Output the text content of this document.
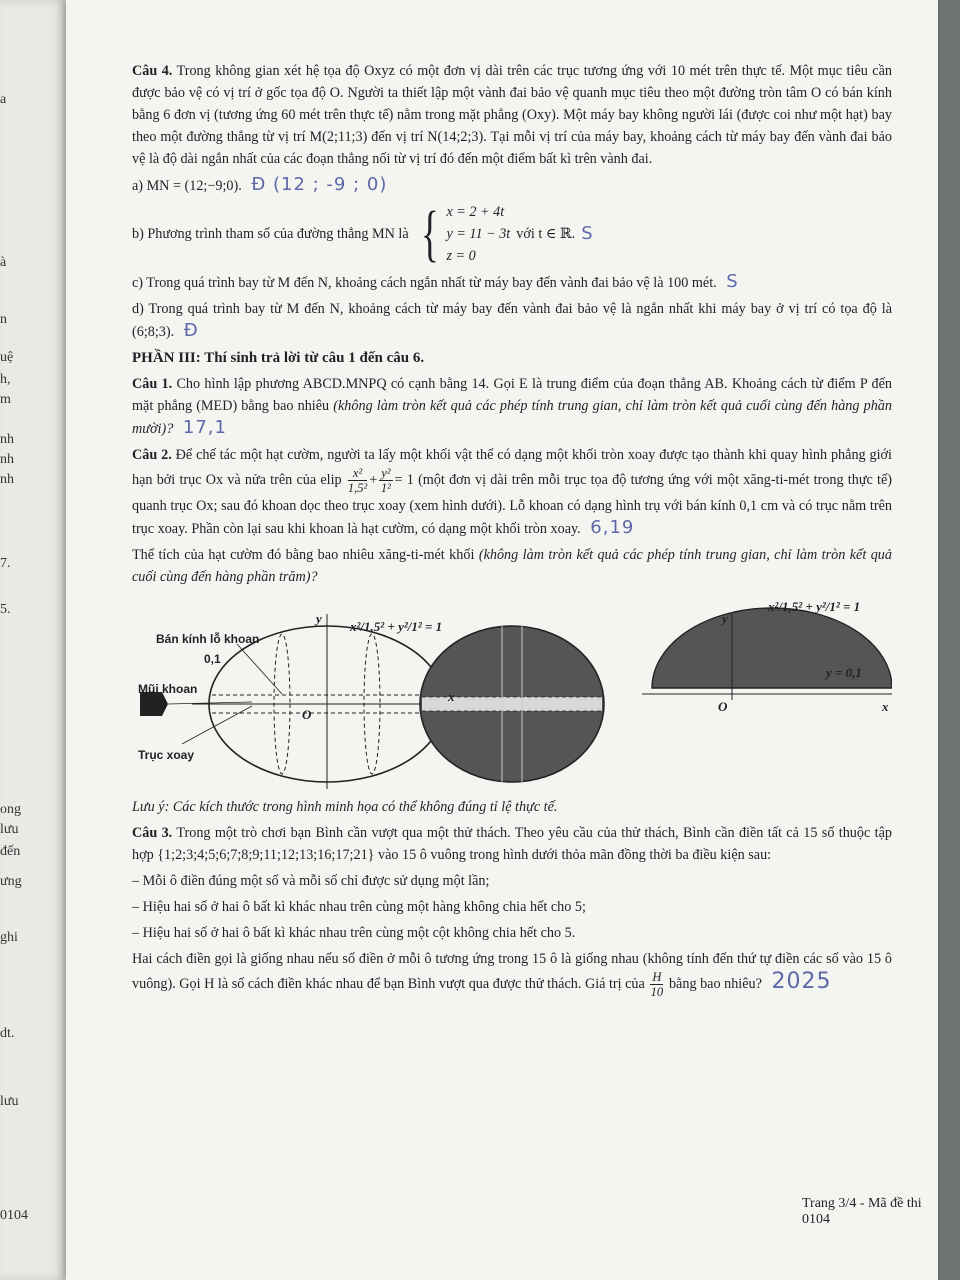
a
à
n
uệ
h,
m
nh
nh
nh
7.
5.
ong
lưu
đến
ưng
ghi
dt.
lưu
0104

Câu 4. Trong không gian xét hệ tọa độ Oxyz có một đơn vị dài trên các trục tương ứng với 10 mét trên thực tế. Một mục tiêu cần được bảo vệ có vị trí ở gốc tọa độ O. Người ta thiết lập một vành đai bảo vệ quanh mục tiêu theo một đường tròn tâm O có bán kính bằng 6 đơn vị (tương ứng 60 mét trên thực tế) nằm trong mặt phẳng (Oxy). Một máy bay không người lái (được coi như một hạt) bay theo một đường thẳng từ vị trí M(2;11;3) đến vị trí N(14;2;3). Tại mỗi vị trí của máy bay, khoảng cách từ máy bay đến vành đai bảo vệ là độ dài ngắn nhất của các đoạn thẳng nối từ vị trí đó đến một điểm bất kì trên vành đai.

a) MN = (12;−9;0). Đ (12 ; -9 ; 0)

b) Phương trình tham số của đường thẳng MN là { x = 2 + 4t
y = 11 − 3t
z = 0
với t ∈ ℝ. S

c) Trong quá trình bay từ M đến N, khoảng cách ngắn nhất từ máy bay đến vành đai bảo vệ là 100 mét. S

d) Trong quá trình bay từ M đến N, khoảng cách từ máy bay đến vành đai bảo vệ là ngắn nhất khi máy bay ở vị trí có tọa độ là (6;8;3). Đ

PHẦN III: Thí sinh trả lời từ câu 1 đến câu 6.

Câu 1. Cho hình lập phương ABCD.MNPQ có cạnh bằng 14. Gọi E là trung điểm của đoạn thẳng AB. Khoảng cách từ điểm P đến mặt phẳng (MED) bằng bao nhiêu (không làm tròn kết quả các phép tính trung gian, chỉ làm tròn kết quả cuối cùng đến hàng phần mười)? 17,1

Câu 2. Để chế tác một hạt cườm, người ta lấy một khối vật thể có dạng một khối tròn xoay được tạo thành khi quay hình phẳng giới hạn bởi trục Ox và nửa trên của elip $\frac{\text{x²}}{\text{1,5²}} + \frac{\text{y²}}{\text{1²}} = 1$ (một đơn vị dài trên mỗi trục tọa độ tương ứng với một xăng-ti-mét trong thực tế) quanh trục Ox; sau đó khoan dọc theo trục xoay (xem hình dưới). Lỗ khoan có dạng hình trụ với bán kính 0,1 cm và có trục nằm trên trục xoay. Phần còn lại sau khi khoan là hạt cườm, có dạng một khối tròn xoay. 6,19

Thể tích của hạt cườm đó bằng bao nhiêu xăng-ti-mét khối (không làm tròn kết quả các phép tính trung gian, chỉ làm tròn kết quả cuối cùng đến hàng phần trăm)?

Bán kính lỗ khoan
0,1
Mũi khoan
Trục xoay
x²/1,5² + y²/1² = 1
x²/1,5² + y²/1² = 1
y = 0,1
O
O
x
x
y	y

Lưu ý: Các kích thước trong hình minh họa có thể không đúng tỉ lệ thực tế.

Câu 3. Trong một trò chơi bạn Bình cần vượt qua một thử thách. Theo yêu cầu của thử thách, Bình cần điền tất cả 15 số thuộc tập hợp {1;2;3;4;5;6;7;8;9;11;12;13;16;17;21} vào 15 ô vuông trong hình dưới thỏa mãn đồng thời ba điều kiện sau:

– Mỗi ô điền đúng một số và mỗi số chỉ được sử dụng một lần;

– Hiệu hai số ở hai ô bất kì khác nhau trên cùng một hàng không chia hết cho 5;

– Hiệu hai số ở hai ô bất kì khác nhau trên cùng một cột không chia hết cho 5.

Hai cách điền gọi là giống nhau nếu số điền ở mỗi ô tương ứng trong 15 ô là giống nhau (không tính đến thứ tự điền các số vào 15 ô vuông). Gọi H là số cách điền khác nhau để bạn Bình vượt qua được thử thách. Giá trị của $\frac{H}{10}$ bằng bao nhiêu? 2025

Trang 3/4 - Mã đề thi 0104
